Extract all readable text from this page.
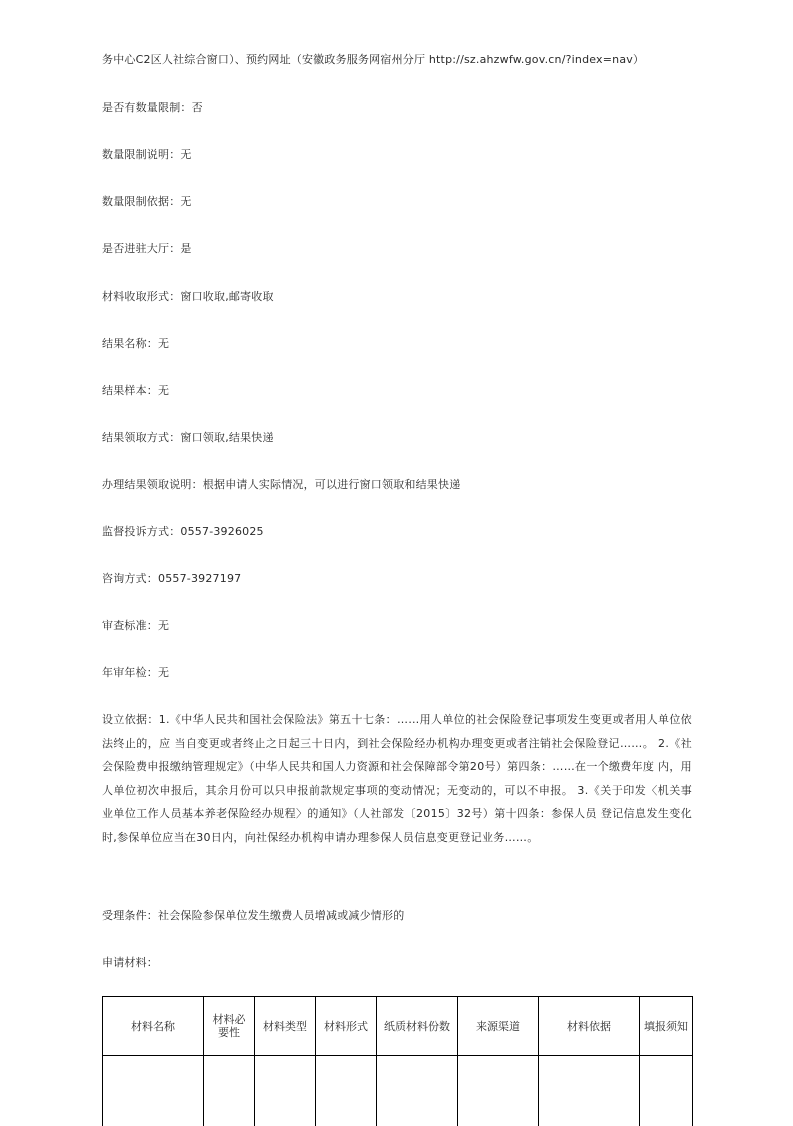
务中心C2区人社综合窗口）、预约网址（安徽政务服务网宿州分厅 http://sz.ahzwfw.gov.cn/?index=nav）
是否有数量限制：否
数量限制说明：无
数量限制依据：无
是否进驻大厅：是
材料收取形式：窗口收取,邮寄收取
结果名称：无
结果样本：无
结果领取方式：窗口领取,结果快递
办理结果领取说明：根据申请人实际情况，可以进行窗口领取和结果快递
监督投诉方式：0557-3926025
咨询方式：0557-3927197
审查标准：无
年审年检：无
设立依据：1.《中华人民共和国社会保险法》第五十七条：……用人单位的社会保险登记事项发生变更或者用人单位依法终止的，应 当自变更或者终止之日起三十日内，到社会保险经办机构办理变更或者注销社会保险登记……。 2.《社会保险费申报缴纳管理规定》（中华人民共和国人力资源和社会保障部令第20号）第四条：……在一个缴费年度 内，用人单位初次申报后，其余月份可以只申报前款规定事项的变动情况；无变动的，可以不申报。 3.《关于印发〈机关事业单位工作人员基本养老保险经办规程〉的通知》（人社部发〔2015〕32号）第十四条：参保人员 登记信息发生变化时,参保单位应当在30日内，向社保经办机构申请办理参保人员信息变更登记业务……。
受理条件：社会保险参保单位发生缴费人员增减或减少情形的
申请材料：
材料名称	材料必要性	材料类型	材料形式	纸质材料份数	来源渠道	材料依据	填报须知
